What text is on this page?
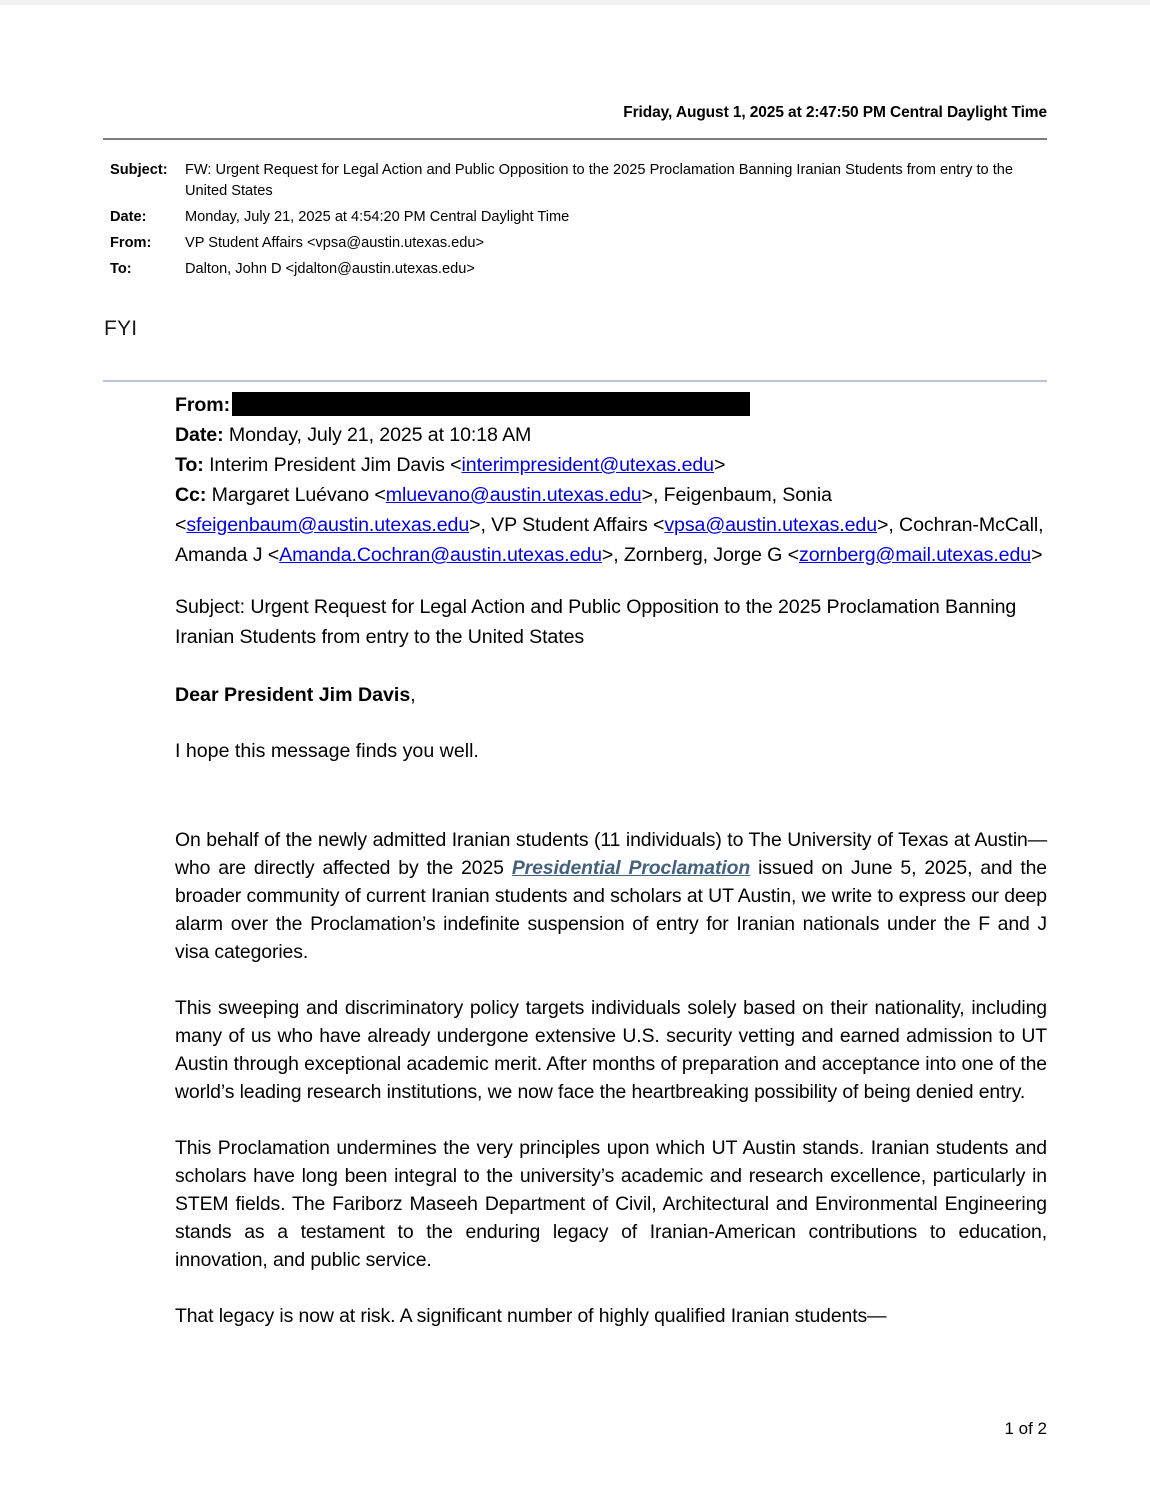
Friday, August 1, 2025 at 2:47:50 PM Central Daylight Time
Subject:	FW: Urgent Request for Legal Action and Public Opposition to the 2025 Proclamation Banning Iranian Students from entry to the United States
Date:	Monday, July 21, 2025 at 4:54:20 PM Central Daylight Time
From:	VP Student Affairs <vpsa@austin.utexas.edu>
To:	Dalton, John D <jdalton@austin.utexas.edu>
FYI
From:
Date: Monday, July 21, 2025 at 10:18 AM
To: Interim President Jim Davis <interimpresident@utexas.edu>
Cc: Margaret Luévano <mluevano@austin.utexas.edu>, Feigenbaum, Sonia <sfeigenbaum@austin.utexas.edu>, VP Student Affairs <vpsa@austin.utexas.edu>, Cochran-McCall, Amanda J <Amanda.Cochran@austin.utexas.edu>, Zornberg, Jorge G <zornberg@mail.utexas.edu>
Subject: Urgent Request for Legal Action and Public Opposition to the 2025 Proclamation Banning Iranian Students from entry to the United States
Dear President Jim Davis,
I hope this message finds you well.

On behalf of the newly admitted Iranian students (11 individuals) to The University of Texas at Austin—who are directly affected by the 2025 Presidential Proclamation issued on June 5, 2025, and the broader community of current Iranian students and scholars at UT Austin, we write to express our deep alarm over the Proclamation’s indefinite suspension of entry for Iranian nationals under the F and J visa categories.

This sweeping and discriminatory policy targets individuals solely based on their nationality, including many of us who have already undergone extensive U.S. security vetting and earned admission to UT Austin through exceptional academic merit. After months of preparation and acceptance into one of the world’s leading research institutions, we now face the heartbreaking possibility of being denied entry.

This Proclamation undermines the very principles upon which UT Austin stands. Iranian students and scholars have long been integral to the university’s academic and research excellence, particularly in STEM fields. The Fariborz Maseeh Department of Civil, Architectural and Environmental Engineering stands as a testament to the enduring legacy of Iranian-American contributions to education, innovation, and public service.

That legacy is now at risk. A significant number of highly qualified Iranian students—

1 of 2
